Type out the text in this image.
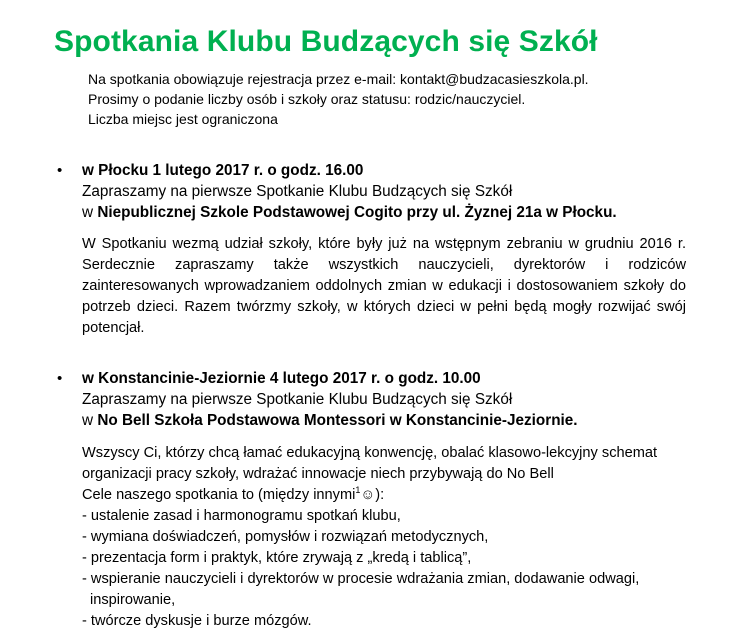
Spotkania Klubu Budzących się Szkół
Na spotkania obowiązuje rejestracja przez e-mail: kontakt@budzacasieszkola.pl.
Prosimy o podanie liczby osób i szkoły oraz statusu: rodzic/nauczyciel.
Liczba miejsc jest ograniczona
• w Płocku 1 lutego 2017 r. o godz. 16.00
Zapraszamy na pierwsze Spotkanie Klubu Budzących się Szkół
w Niepublicznej Szkole Podstawowej Cogito przy ul. Żyznej 21a w Płocku.
W Spotkaniu wezmą udział szkoły, które były już na wstępnym zebraniu w grudniu 2016 r. Serdecznie zapraszamy także wszystkich nauczycieli, dyrektorów i rodziców zainteresowanych wprowadzaniem oddolnych zmian w edukacji i dostosowaniem szkoły do potrzeb dzieci. Razem twórzmy szkoły, w których dzieci w pełni będą mogły rozwijać swój potencjał.
• w Konstancinie-Jeziornie 4 lutego 2017 r. o godz. 10.00
Zapraszamy na pierwsze Spotkanie Klubu Budzących się Szkół
w No Bell Szkoła Podstawowa Montessori w Konstancinie-Jeziornie.
Wszyscy Ci, którzy chcą łamać edukacyjną konwencję, obalać klasowo-lekcyjny schemat
organizacji pracy szkoły, wdrażać innowacje niech przybywają do No Bell
Cele naszego spotkania to (między innymi$^1$☺):
- ustalenie zasad i harmonogramu spotkań klubu,
- wymiana doświadczeń, pomysłów i rozwiązań metodycznych,
- prezentacja form i praktyk, które zrywają z „kredą i tablicą”,
- wspieranie nauczycieli i dyrektorów w procesie wdrażania zmian, dodawanie odwagi,
inspirowanie,
- twórcze dyskusje i burze mózgów.
